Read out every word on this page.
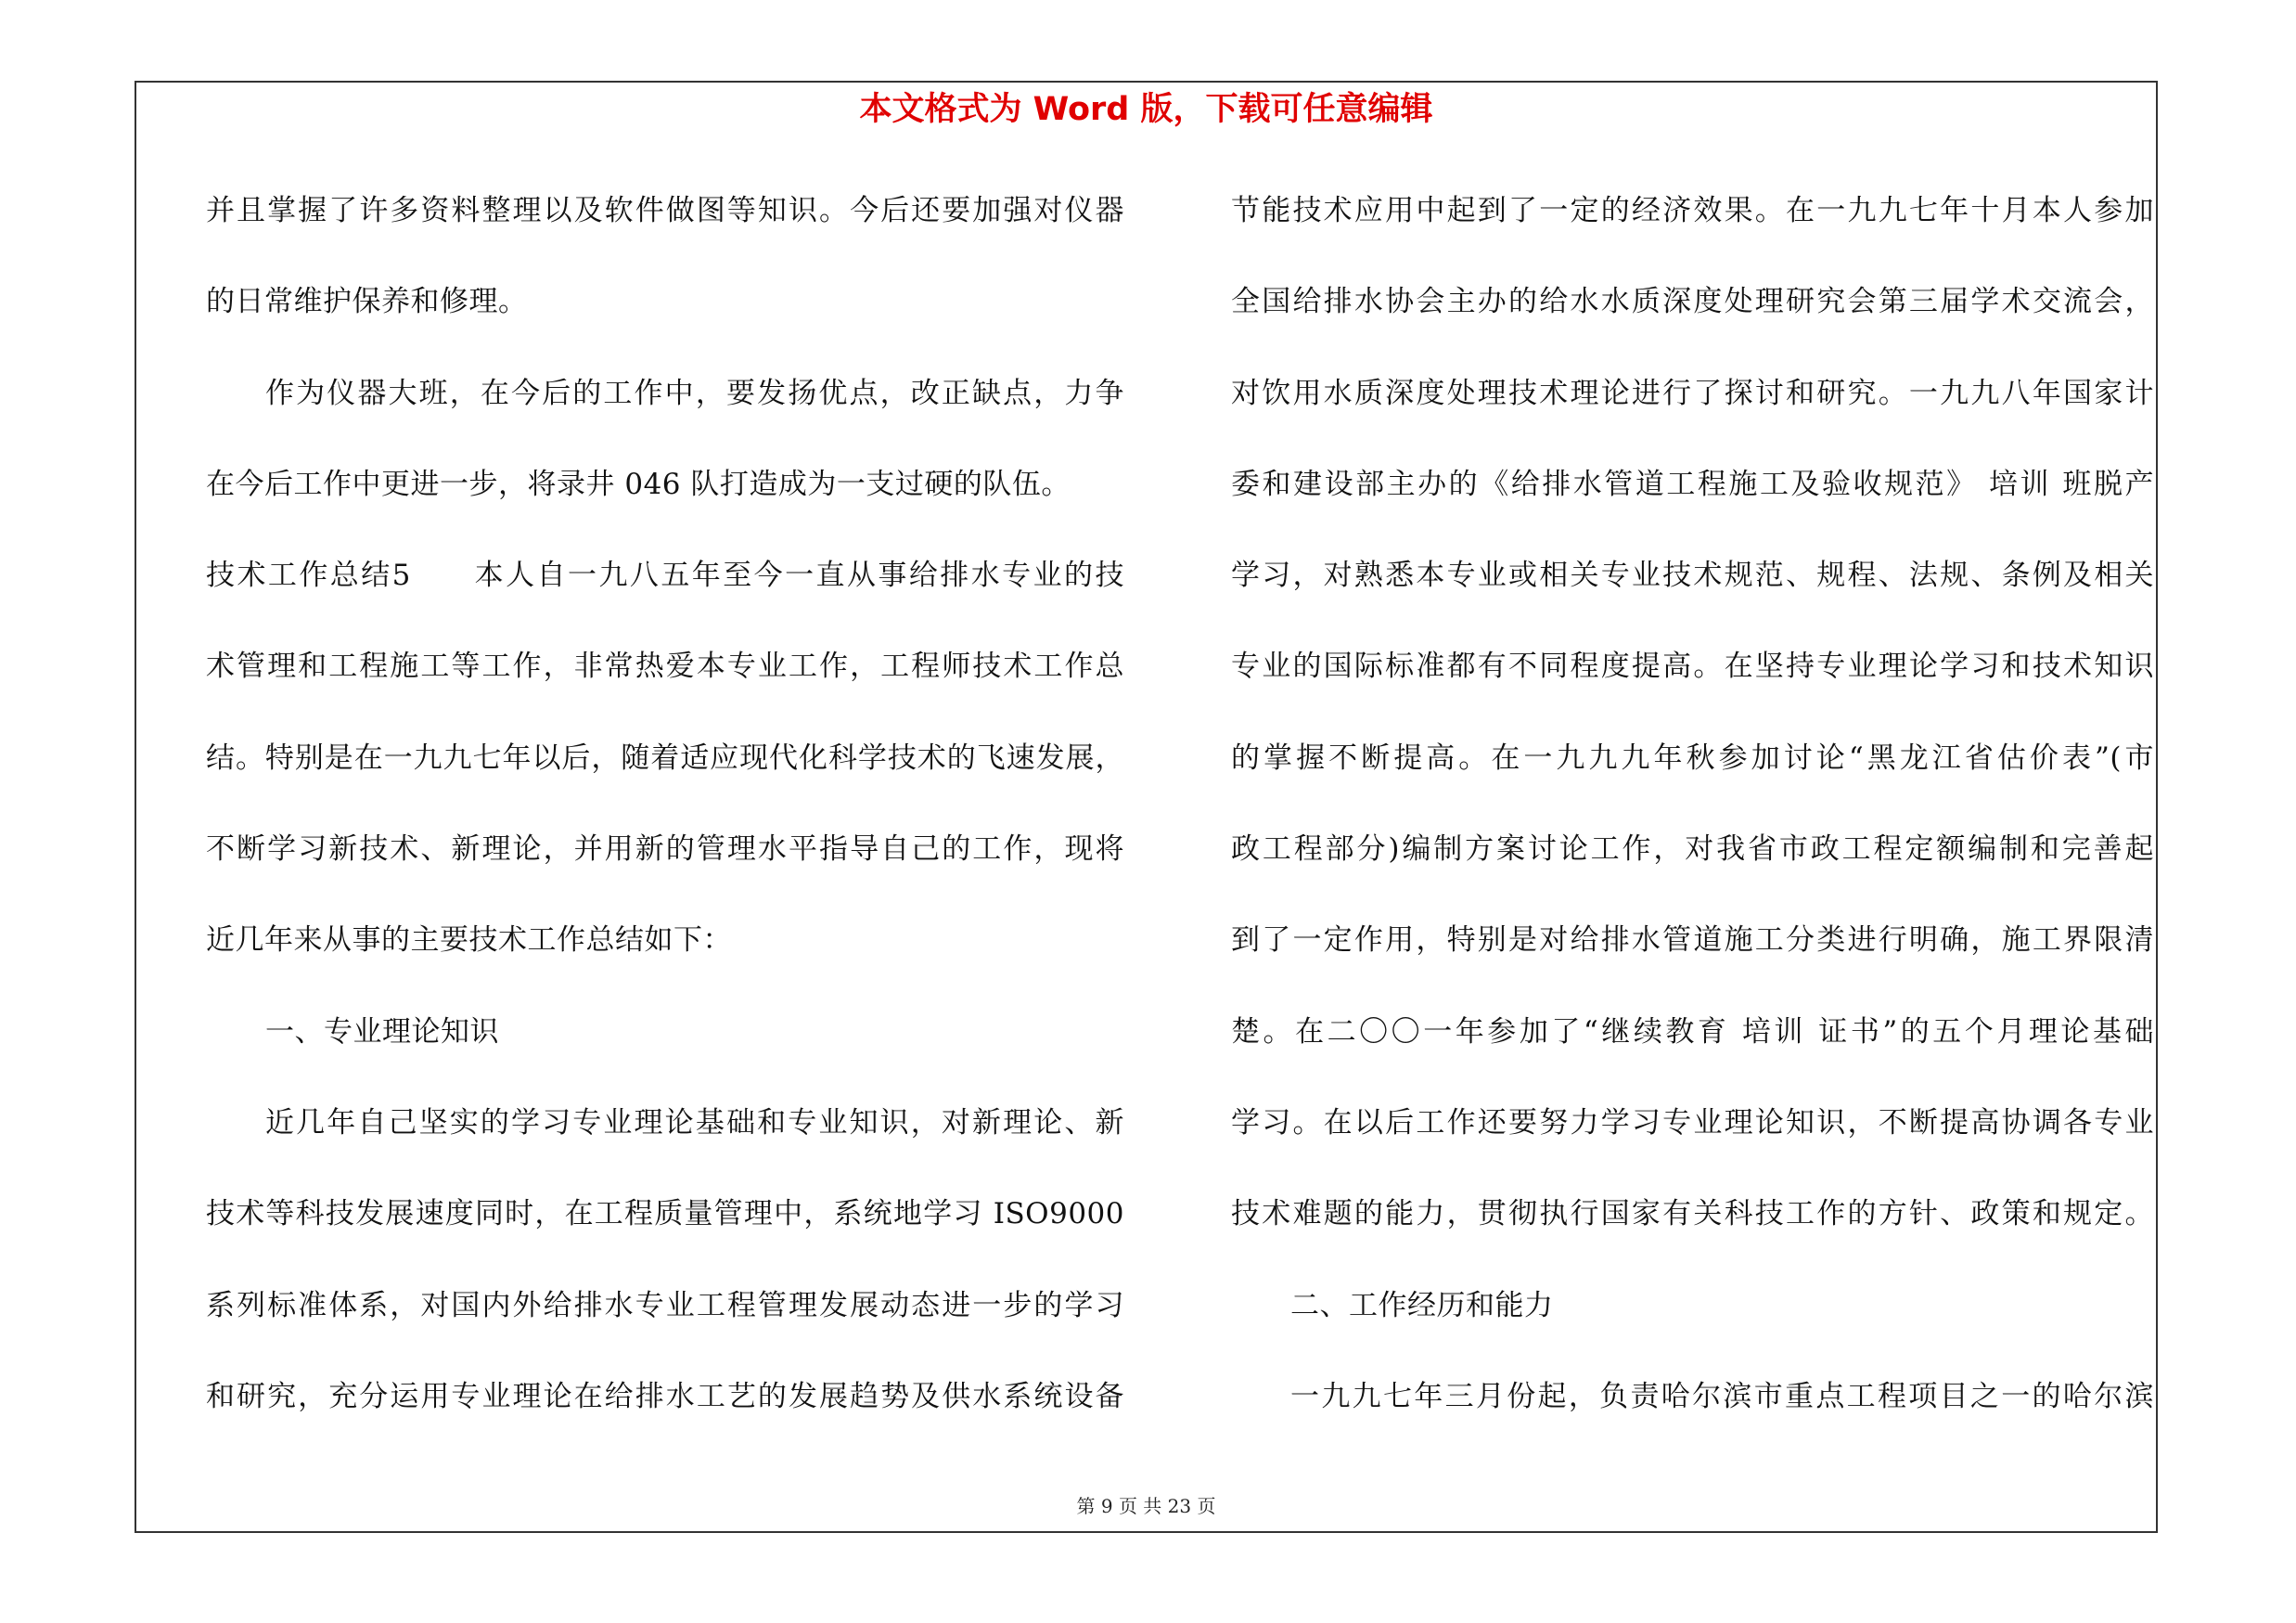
本文格式为 Word 版，下载可任意编辑
并且掌握了许多资料整理以及软件做图等知识。今后还要加强对仪器
的日常维护保养和修理。
作为仪器大班，在今后的工作中，要发扬优点，改正缺点，力争
在今后工作中更进一步，将录井 046 队打造成为一支过硬的队伍。
技术工作总结5　　本人自一九八五年至今一直从事给排水专业的技
术管理和工程施工等工作，非常热爱本专业工作，工程师技术工作总
结。特别是在一九九七年以后，随着适应现代化科学技术的飞速发展，
不断学习新技术、新理论，并用新的管理水平指导自己的工作，现将
近几年来从事的主要技术工作总结如下：
一、专业理论知识
近几年自己坚实的学习专业理论基础和专业知识，对新理论、新
技术等科技发展速度同时，在工程质量管理中，系统地学习 ISO9000
系列标准体系，对国内外给排水专业工程管理发展动态进一步的学习
和研究，充分运用专业理论在给排水工艺的发展趋势及供水系统设备
节能技术应用中起到了一定的经济效果。在一九九七年十月本人参加
全国给排水协会主办的给水水质深度处理研究会第三届学术交流会，
对饮用水质深度处理技术理论进行了探讨和研究。一九九八年国家计
委和建设部主办的《给排水管道工程施工及验收规范》 培训 班脱产
学习，对熟悉本专业或相关专业技术规范、规程、法规、条例及相关
专业的国际标准都有不同程度提高。在坚持专业理论学习和技术知识
的掌握不断提高。在一九九九年秋参加讨论“黑龙江省估价表”(市
政工程部分)编制方案讨论工作，对我省市政工程定额编制和完善起
到了一定作用，特别是对给排水管道施工分类进行明确，施工界限清
楚。在二〇〇一年参加了“继续教育 培训 证书”的五个月理论基础
学习。在以后工作还要努力学习专业理论知识，不断提高协调各专业
技术难题的能力，贯彻执行国家有关科技工作的方针、政策和规定。
二、工作经历和能力
一九九七年三月份起，负责哈尔滨市重点工程项目之一的哈尔滨
第 9 页 共 23 页
